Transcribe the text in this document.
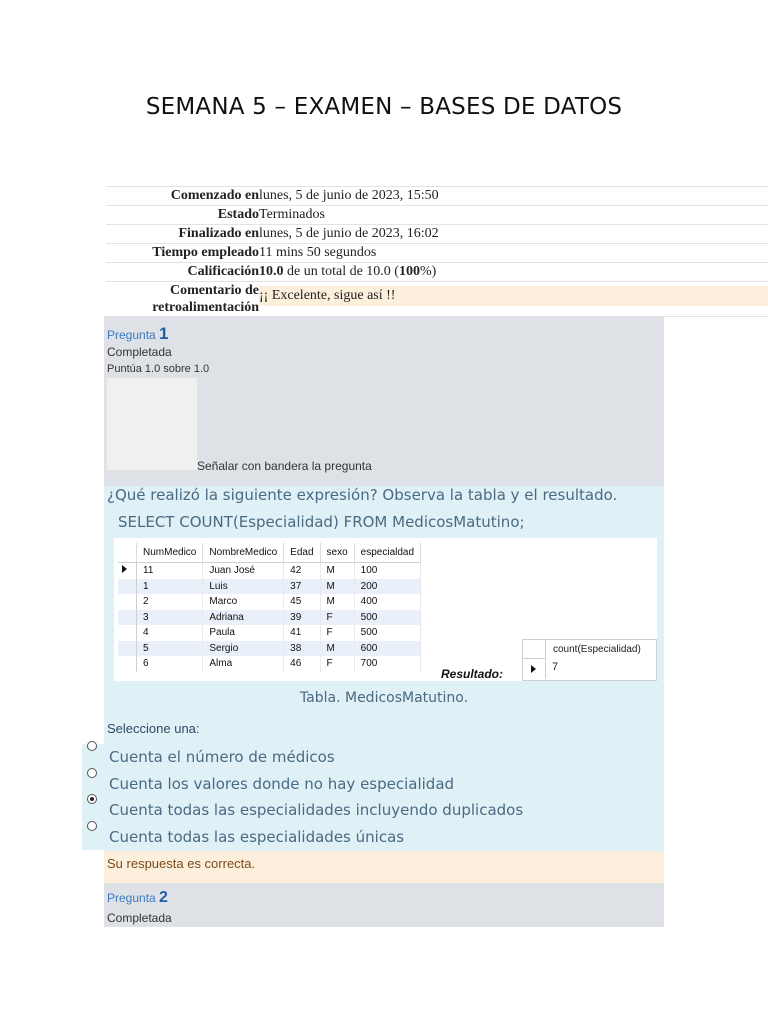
SEMANA 5 – EXAMEN – BASES DE DATOS
Comenzado en lunes, 5 de junio de 2023, 15:50
Estado Terminados
Finalizado en lunes, 5 de junio de 2023, 16:02
Tiempo empleado 11 mins 50 segundos
Calificación 10.0 de un total de 10.0 (100%)
Comentario de
retroalimentación
¡¡ Excelente, sigue así !!
Pregunta 1
Completada
Puntúa 1.0 sobre 1.0
Señalar con bandera la pregunta
¿Qué realizó la siguiente expresión? Observa la tabla y el resultado.
SELECT COUNT(Especialidad) FROM MedicosMatutino;
	NumMedico	NombreMedico	Edad	sexo	especialdad
	11	Juan José	42	M	100
	1	Luis	37	M	200
	2	Marco	45	M	400
	3	Adriana	39	F	500
	4	Paula	41	F	500
	5	Sergio	38	M	600
	6	Alma	46	F	700
Resultado:
count(Especialidad)
7
Tabla. MedicosMatutino.
Seleccione una:
Cuenta el número de médicos
Cuenta los valores donde no hay especialidad
Cuenta todas las especialidades incluyendo duplicados
Cuenta todas las especialidades únicas
Su respuesta es correcta.
Pregunta 2
Completada
